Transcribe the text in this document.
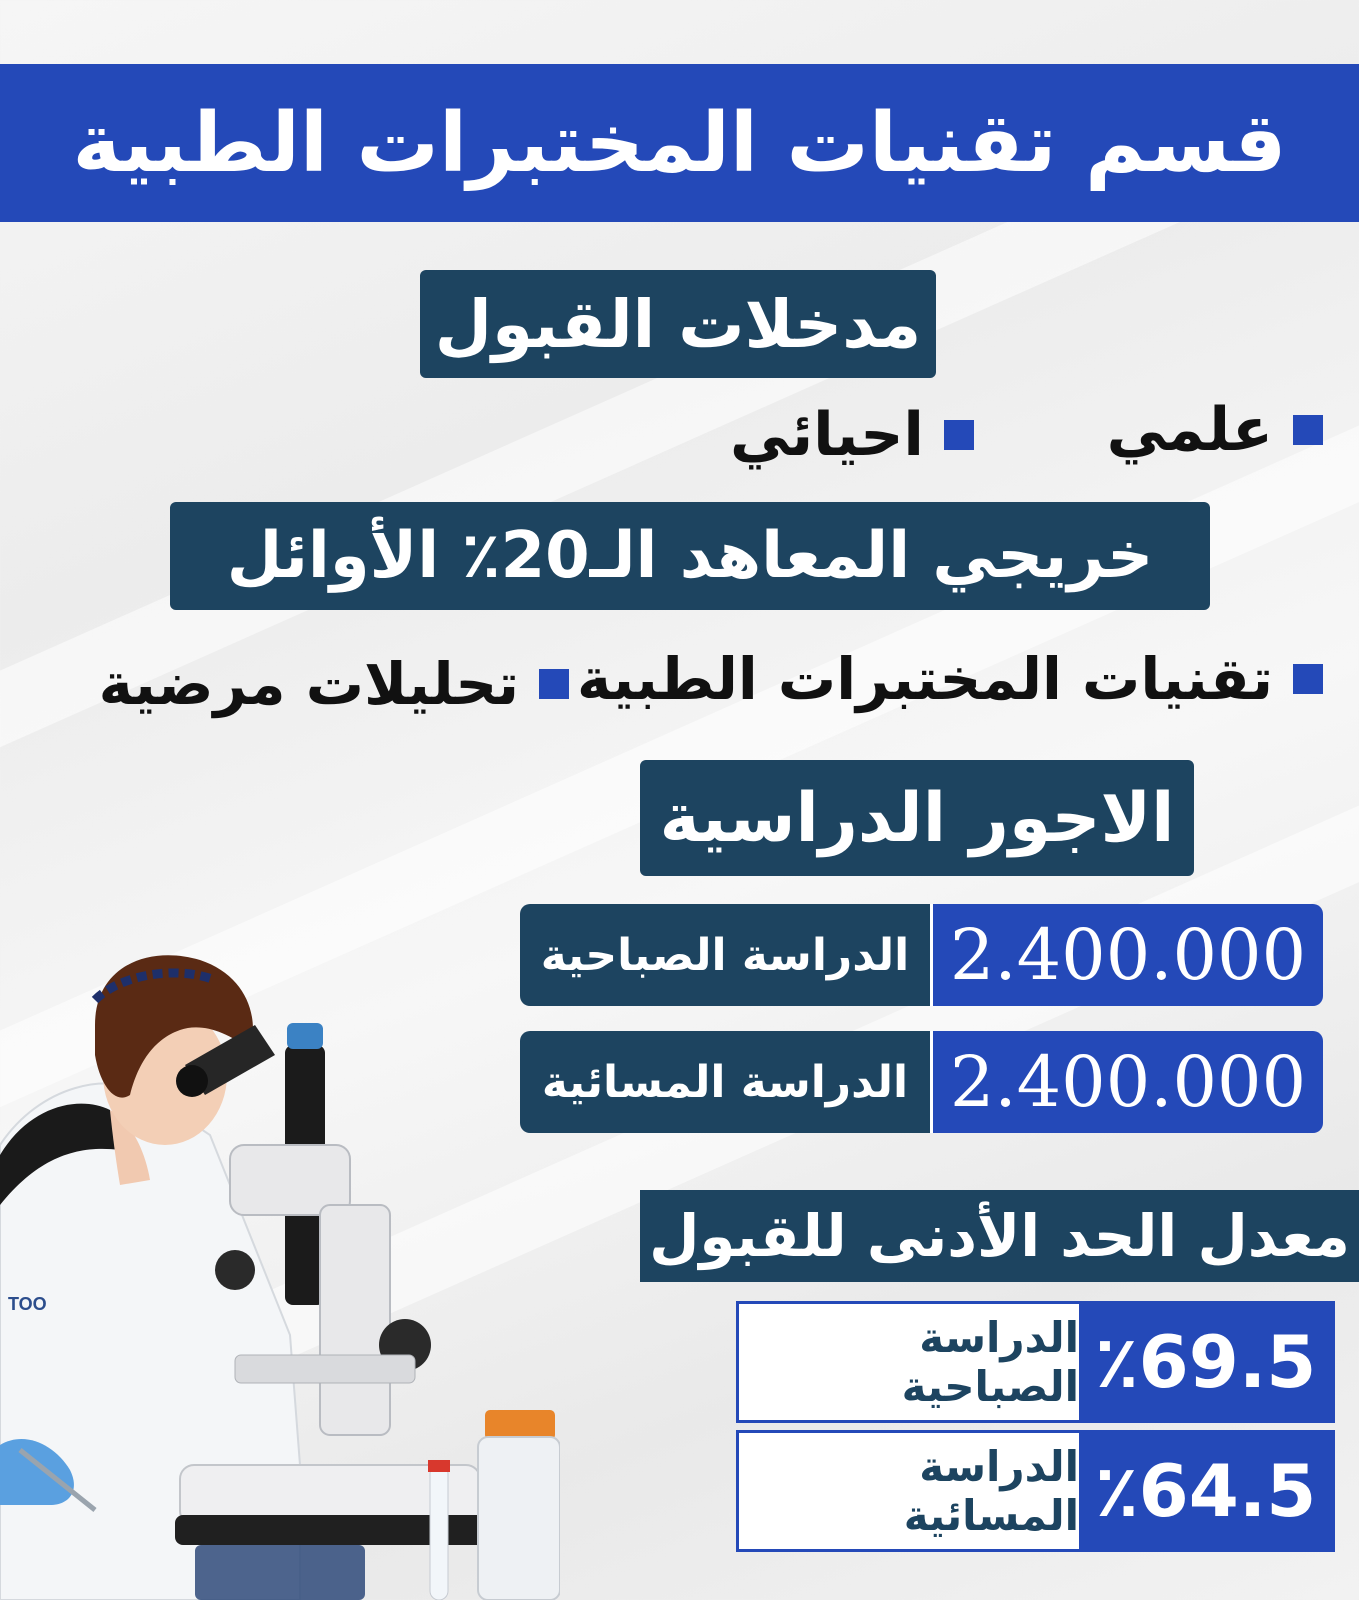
قسم تقنيات المختبرات الطبية
مدخلات القبول
علمي
احيائي
خريجي المعاهد الـ20٪ الأوائل
تقنيات المختبرات الطبية
تحليلات مرضية
الاجور الدراسية
الدراسة الصباحية 2.400.000
الدراسة المسائية 2.400.000
معدل الحد الأدنى للقبول
الدراسة الصباحية ٪69.5
الدراسة المسائية ٪64.5
TOO
